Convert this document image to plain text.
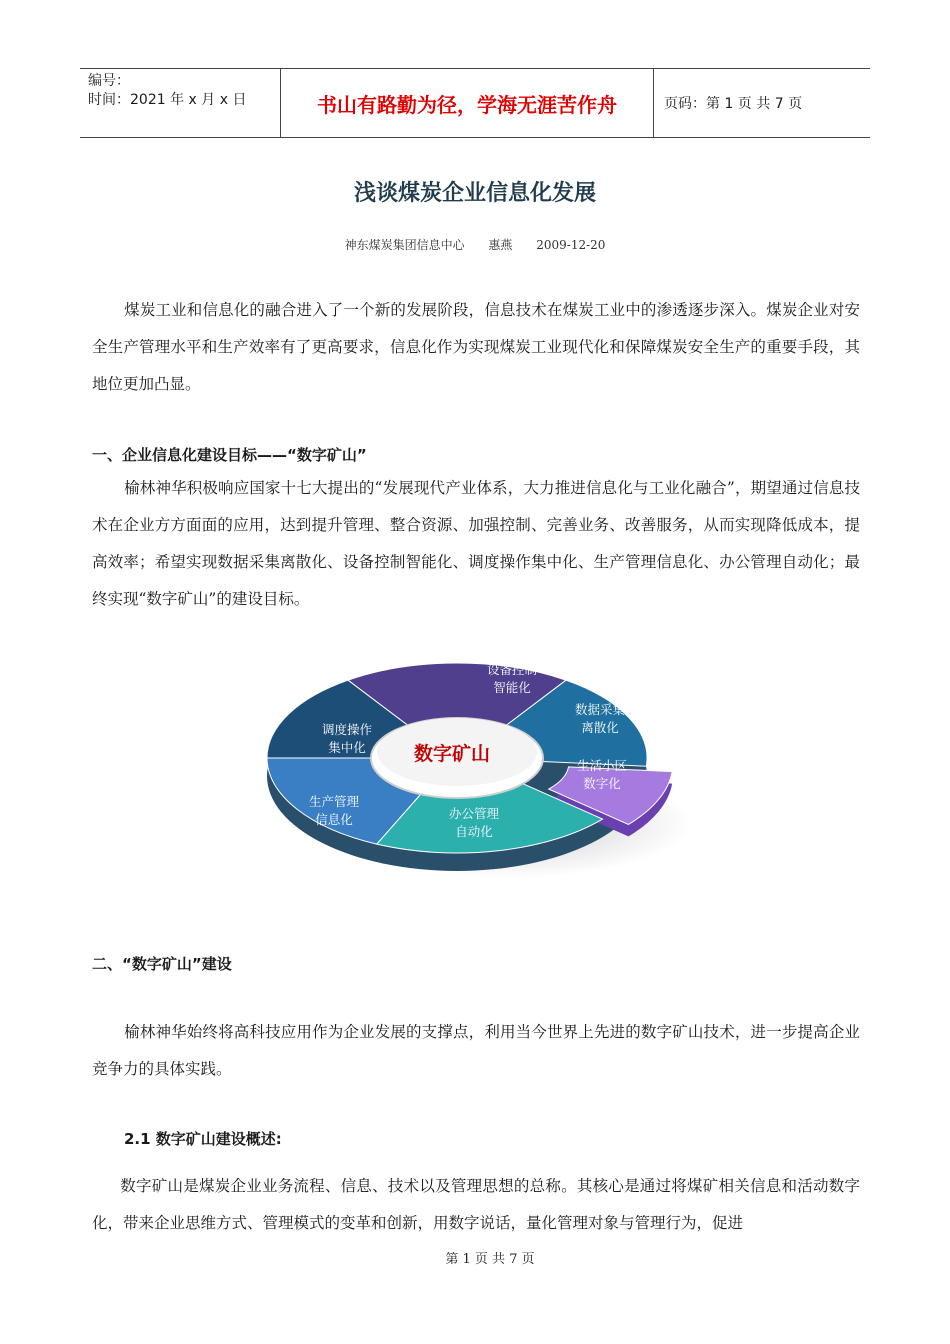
编号：
时间：2021 年 x 月 x 日	书山有路勤为径，学海无涯苦作舟	页码：第 1 页 共 7 页
浅谈煤炭企业信息化发展
神东煤炭集团信息中心 惠燕 2009-12-20
煤炭工业和信息化的融合进入了一个新的发展阶段，信息技术在煤炭工业中的渗透逐步深入。煤炭企业对安全生产管理水平和生产效率有了更高要求，信息化作为实现煤炭工业现代化和保障煤炭安全生产的重要手段，其地位更加凸显。
一、企业信息化建设目标——“数字矿山”
榆林神华积极响应国家十七大提出的“发展现代产业体系，大力推进信息化与工业化融合”，期望通过信息技术在企业方方面面的应用，达到提升管理、整合资源、加强控制、完善业务、改善服务，从而实现降低成本，提高效率；希望实现数据采集离散化、设备控制智能化、调度操作集中化、生产管理信息化、办公管理自动化；最终实现“数字矿山”的建设目标。
数字矿山
设备控制
智能化
数据采集
离散化
生活小区
数字化
办公管理
自动化
生产管理
信息化
调度操作
集中化
二、“数字矿山”建设
榆林神华始终将高科技应用作为企业发展的支撑点，利用当今世界上先进的数字矿山技术，进一步提高企业竞争力的具体实践。
2.1 数字矿山建设概述:
数字矿山是煤炭企业业务流程、信息、技术以及管理思想的总称。其核心是通过将煤矿相关信息和活动数字化，带来企业思维方式、管理模式的变革和创新，用数字说话，量化管理对象与管理行为，促进
第 1 页 共 7 页
